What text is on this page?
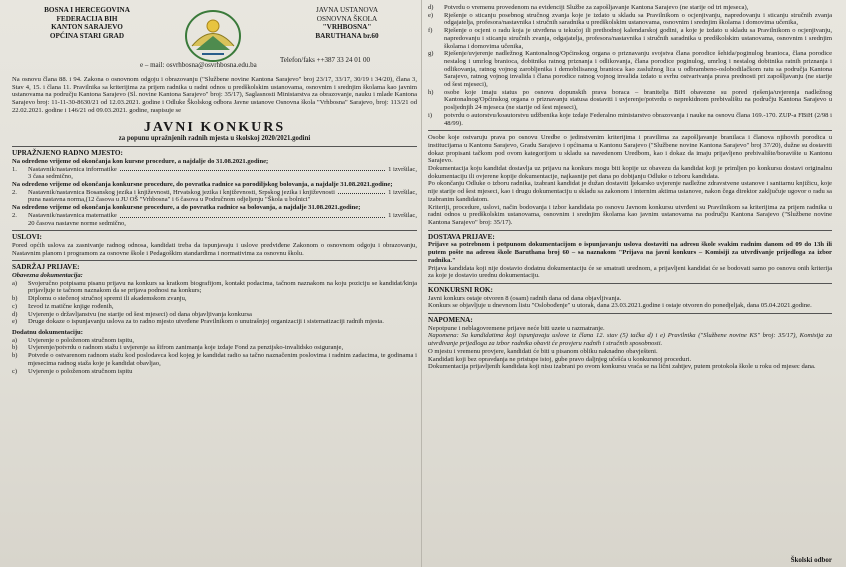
BOSNA I HERCEGOVINA
FEDERACIJA BIH
KANTON SARAJEVO
OPĆINA STARI GRAD
JAVNA USTANOVA
OSNOVNA ŠKOLA
"VRHBOSNA"
BARUTHANA br.60
Telefon/faks ++387 33 24 01 00
e – mail: osvrhbosna@osvrhbosna.edu.ba

Na osnovu člana 88. i 94. Zakona o osnovnom odgoju i obrazovanju ("Službene novine Kantona Sarajevo" broj 23/17, 33/17, 30/19 i 34/20), člana 3, Stav 4, 15. i člana 11. Pravilnika sa kriterijima za prijem radnika u radni odnos u predškolskim ustanovama, osnovnim i srednjim školama kao javnim ustanovama na području Kantona Sarajevo (Sl. novine Kantona Sarajevo" broj: 35/17), Saglasnosti Ministarstva za obrazovanje, nauku i mlade Kantona Sarajevo broj: 11-11-30-8630/21 od 12.03.2021. godine i Odluke Školskog odbora Javne ustanove Osnovna škola "Vrhbosna" Sarajevo, broj: 113/21 od 22.02.2021. godine i 146/21 od 09.03.2021. godine, raspisuje se

JAVNI KONKURS
za popunu upražnjenih radnih mjesta u školskoj 2020/2021.godini
UPRAŽNJENO RADNO MJESTO:

Na određeno vrijeme od okončanja kon kursne procedure, a najdalje do 31.08.2021.godine;

1.	Nastavnik/nastavnica informatike	1 izvršilac,

3 časa sedmično,

Na određeno vrijeme od okončanja konkursne procedure, do povratka radnice sa porodiljskog bolovanja, a najdalje 31.08.2021.godine;

2.	Nastavnik/nastavnica Bosanskog jezika i književnosti, Hrvatskog jezika i književnosti, Srpskog jezika i književnosti	1 izvršilac,

puna nastavna norma,(12 časova u JU OŠ "Vrhbosna" i 6 časova u Područnom odjeljenju "Škola u bolnici"

Na određeno vrijeme od okončanja konkursne procedure, a do povratka radnice sa bolovanja, a najdalje 31.08.2021.godine;

2.	Nastavnik/nastavnica matematike	1 izvršilac,

20 časova nastavne norme sedmično,

USLOVI:

Pored općih uslova za zasnivanje radnog odnosa, kandidati treba da ispunjavaju i uslove predviđene Zakonom o osnovnom odgoju i obrazovanju, Nastavnim planom i programom za osnovne škole i Pedagoškim standardima i normativima za osnovnu školu.

SADRŽAJ PRIJAVE:

Obavezna dokumentacija:

a)	Svojeručno potpisanu pisanu prijavu na konkurs sa kratkom biografijom, kontakt podacima, tačnom naznakom na koju poziciju se kandidat/kinja prijavljuje te tačnom naznakom da se prijava podnosi na konkurs;
b)	Diplomu o stečenoj stručnoj spremi ili akademskom zvanju,
c)	Izvod iz matične knjige rođenih,
d)	Uvjerenje o državljanstvu (ne starije od šest mjeseci) od dana objavljivanja konkursa
e)	Druge dokaze o ispunjavanju uslova za to radno mjesto utvrđene Pravilnikom o unutrašnjoj organizaciji i sistematizaciji radnih mjesta.

Dodatnu dokumentaciju:

a)	Uvjerenje o položenom stručnom ispitu,
b)	Uvjerenje/potvrdu o radnom stažu i uvjerenje sa šifrom zanimanja koje izdaje Fond za penzijsko-invalidsko osiguranje,
b)	Potvrde o ostvarenom radnom stažu kod poslodavca kod kojeg je kandidat radio sa tačno naznačenim poslovima i radnim zadacima, te godinama i mjesecima radnog staža koje je kandidat obavljao,
c)	Uvjerenje o položenom stručnom ispitu
d)	Potvrdu o vremenu provedenom na evidenciji Službe za zapošljavanje Kantona Sarajevo (ne starije od tri mjeseca),
e)	Rješenje o sticanju posebnog stručnog zvanja koje je izdato u skladu sa Pravilnikom o ocjenjivanju, napredovanju i sticanju stručnih zvanja odgajatelja, profesora/nastavnika i stručnih saradnika u predškolskim ustanovama, osnovnim i srednjim školama i domovima učenika,
f)	Rješenje o ocjeni o radu koja je utvrđena u tekućoj ili prethodnoj kalendarskoj godini, a koje je izdato u skladu sa Pravilnikom o ocjenjivanju, napredovanju i sticanju stručnih zvanja, odgajatelja, profesora/nastavnika i stručnih saradnika u predškolskim ustanovama, osnovnim i srednjim školama i domovima učenika,
g)	Rješenje/uvjerenje nadležnog Kantonalnog/Općinskog organa o priznavanju svojstva člana porodice šehida/poginulog branioca, člana porodice nestalog i umrlog branioca, dobitnika ratnog priznanja i odlikovanja, člana porodice poginulog, umrlog i nestalog dobitnika ratnih priznanja i odlikovanja, ratnog vojnog zarobljenika i demobilisanog branioca kao zaslužnog lica u odbrambeno-oslobodilačkom ratu sa područja Kantona Sarajevo, ratnog vojnog invalida i člana porodice ratnog vojnog invalida izdato u svrhu ostvarivanja prava prednosti pri zapošljavanju (ne starije od šest mjeseci),
h)	osobe koje imaju status po osnovu dopunskih prava boraca – branitelja BiH obavezne su pored rješenja/uvjerenja nadležnog Kantonalnog/Općinskog organa o priznavanju statusa dostaviti i uvjerenje/potvrdu o neprekidnom prebivalištu na području Kantona Sarajevo u posljednjih 24 mjeseca (ne starije od šest mjeseci),
i)	potvrdu o autorstvu/koautorstvu udžbenika koje izdaje Federalno ministarstvo obrazovanja i nauke na osnovu člana 169.-170. ZUP-a FBiH (2/98 i 48/99).

Osobe koje ostvaruju prava po osnovu Uredbe o jedinstvenim kriterijima i pravilima za zapošljavanje branilaca i članova njihovih porodica u institucijama u Kantonu Sarajevo, Gradu Sarajevo i općinama u Kantonu Sarajevo ("Službene novine Kantona Sarajevo" broj 37/20), dužne su dostaviti dokaz propisani tačkom pod ovom kategorijom u skladu sa navedenom Uredbom, kao i dokaz da imaju prijavljeno prebivalište/boravište u Kantonu Sarajevo.

Dokumentacija koju kandidat dostavlja uz prijavu na konkurs mogu biti kopije uz obavezu da kandidat koji je primljen po konkursu dostavi originalnu dokumentaciju ili ovjerene kopije dokumentacije, najkasnije pet dana po dobijanju Odluke o izboru kandidata.

Po okončanju Odluke o izboru radnika, izabrani kandidat je dužan dostaviti ljekarsko uvjerenje nadležne zdravstvene ustanove i sanitarnu knjižicu, koje nije starije od šest mjeseci, kao i drugu dokumentaciju u skladu sa zakonom i internim aktima ustanove, nakon čega direktor zaključuje ugovor o radu sa izabranim kandidatom.

Kriteriji, procedure, uslovi, način bodovanja i izbor kandidata po osnovu Javnom konkursu utvrđeni su Pravilnikom sa kriterijima za prijem radnika u radni odnos u predškolskim ustanovama, osnovnim i srednjim školama kao javnim ustanovama na području Kantona Sarajevo ("Službene novine Kantona Sarajevo" broj: 35/17).

DOSTAVA PRIJAVE:

Prijave sa potrebnom i potpunom dokumentacijom o ispunjavanju uslova dostaviti na adresu škole svakim radnim danom od 09 do 13h ili putem pošte na adresu škole Baruthana broj 60 – sa naznakom "Prijava na javni konkurs – Komisiji za utvrđivanje prijedloga za izbor radnika."

Prijava kandidata koji nije dostavio dodatnu dokumentaciju će se smatrati urednom, a prijavljeni kandidat će se bodovati samo po osnovu onih kriterija za koje je dostavio urednu dokumentaciju.

KONKURSNI ROK:

Javni konkurs ostaje otvoren 8 (osam) radnih dana od dana objavljivanja.

Konkurs se objavljuje u dnevnom listu "Oslobođenje" u utorak, dana 23.03.2021.godine i ostaje otvoren do ponedjeljak, dana 05.04.2021.godine.

NAPOMENA:

Nepotpune i neblagovremene prijave neće biti uzete u razmatranje.

Napomena: Sa kandidatima koji ispunjavaju uslove iz člana 12. stav (5) tačka d) i e) Pravilnika ("Službene novine KS" broj: 35/17), Komisija za utvrđivanje prijedloga za izbor radnika obavit će provjeru radnih i stručnih sposobnosti.

O mjestu i vremenu provjere, kandidati će biti u pisanom obliku naknadno obavješteni.

Kandidati koji bez opravdanja ne pristupe istoj, gube pravo daljnjeg učešća u konkursnoj proceduri.

Dokumentacija prijavljenih kandidata koji nisu izabrani po ovom konkursu vraća se na lični zahtjev, putem protokola škole u roku od mjesec dana.

Školski odbor
